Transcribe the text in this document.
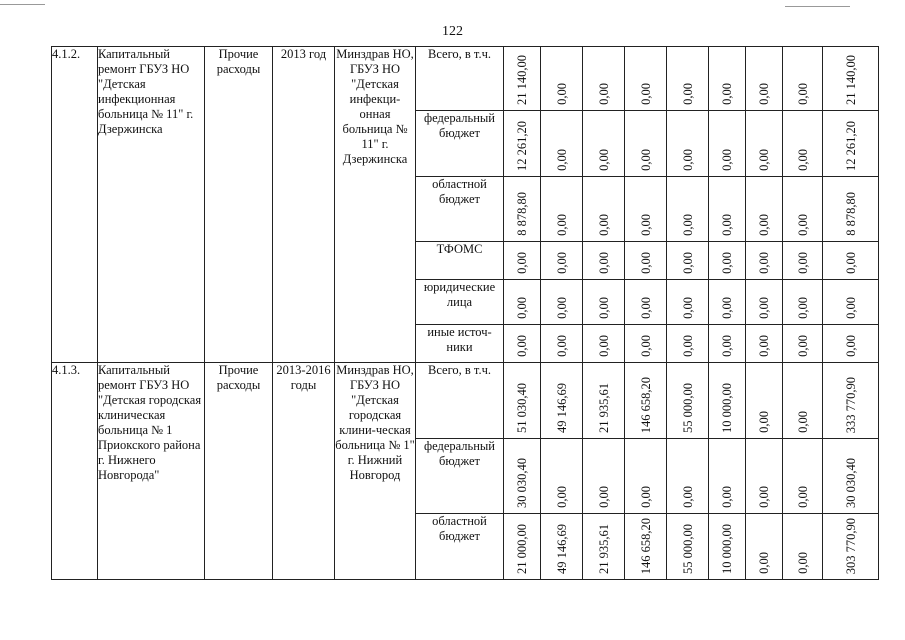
122
4.1.2.	Капитальный ремонт ГБУЗ НО "Детская инфекционная больница № 11" г. Дзержинска	Прочие расходы	2013 год	Минздрав НО, ГБУЗ НО "Детская инфекци-онная больница № 11" г. Дзержинска	Всего, в т.ч.	21 140,00	0,00	0,00	0,00	0,00	0,00	0,00	0,00	21 140,00

					федеральный бюджет	12 261,20	0,00	0,00	0,00	0,00	0,00	0,00	0,00	12 261,20

					областной бюджет	8 878,80	0,00	0,00	0,00	0,00	0,00	0,00	0,00	8 878,80

					ТФОМС	0,00	0,00	0,00	0,00	0,00	0,00	0,00	0,00	0,00

					юридические лица	0,00	0,00	0,00	0,00	0,00	0,00	0,00	0,00	0,00

					иные источ-ники	0,00	0,00	0,00	0,00	0,00	0,00	0,00	0,00	0,00

4.1.3.	Капитальный ремонт ГБУЗ НО "Детская городская клиническая больница № 1 Приокского района г. Нижнего Новгорода"	Прочие расходы	2013-2016 годы	Минздрав НО, ГБУЗ НО "Детская городская клини-ческая больница № 1" г. Нижний Новгород	Всего, в т.ч.	51 030,40	49 146,69	21 935,61	146 658,20	55 000,00	10 000,00	0,00	0,00	333 770,90

					федеральный бюджет	30 030,40	0,00	0,00	0,00	0,00	0,00	0,00	0,00	30 030,40

					областной бюджет	21 000,00	49 146,69	21 935,61	146 658,20	55 000,00	10 000,00	0,00	0,00	303 770,90
